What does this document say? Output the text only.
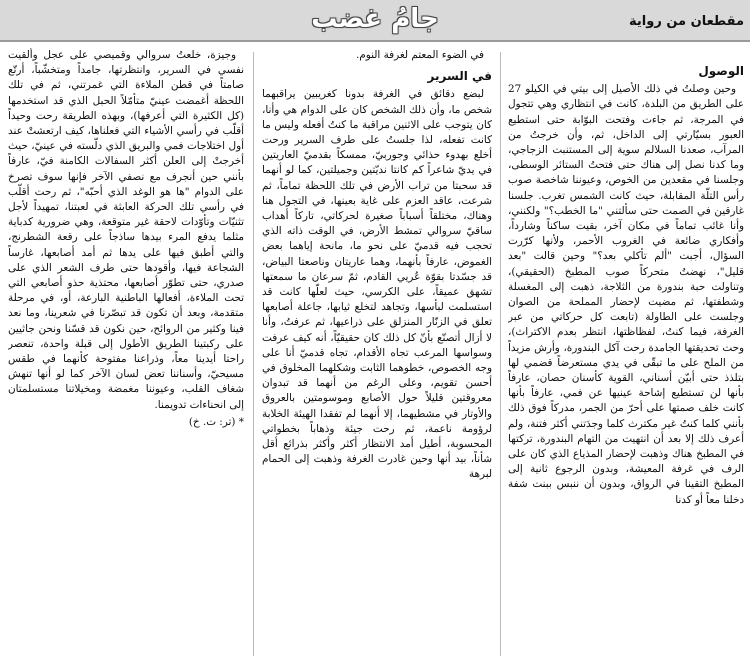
مقطعان من رواية
جامُ غضب
الوصول

وحين وصلتُ في ذلك الأصيل إلى بيتي في الكيلو 27 على الطريق من البلدة، كانت في انتظاري وهي تتجول في المرجة، ثم جاءت وفتحت البوّابة حتى استطيع العبور بسيّارتي إلى الداخل، ثم، وأن خرجتُ من المرآب، صعدنا السلالم سوية إلى المستنبت الزجاجي، وما كدنا نصل إلى هناك حتى فتحتُ الستائر الوسطى، وجلسنا في مقعدين من الخوص، وعيوننا شاخصة صوب رأس التلّة المقابلة، حيث كانت الشمس تغرب. جلسنا غارقين في الصمت حتى سألتني "ما الخطب؟" ولكنني، وأنا غائب تماماً في مكان آخر، بقيت ساكناً وشارداً، وأفكاري ضائعة في الغروب الأحمر، ولأنها كرّرت السؤال، أجبت "ألم تأكلي بعد؟" وحين قالت "بعد قليل"، نهضتُ متحركاً صوب المطبخ (الحقيقي)، وتناولت حبة بندورة من الثلاجة، ذهبت إلى المغسلة وشطفتها، ثم مضيت لإحضار المملحة من الصوان وجلست على الطاولة (تابعت كل حركاتي من عبر الغرفة، فيما كنتُ، لفظاظتها، انتظر بعدم الاكتراث)، وحت تحديقتها الجامدة رحت آكل البندورة، وأرش مزيداً من الملح على ما تبقّى في يدي مستعرضاً قضمي لها بتلذذ حتى أبيّن أسناني، القوية كأسنان حصان، عارفاً بأنها لن تستطيع إشاحة عينيها عن فمي، عارفاً بأنها كانت خلف صمتها على أحرّ من الجمر، مدركاً فوق ذلك بأنني كلما كنتُ غير مكترث كلما وجدَتني أكثر فتنة، ولم أعرف ذلك إلا بعد أن انتهيت من التهام البندورة، تركتها في المطبخ هناك وذهبت لإحضار المذياع الذي كان على الرف في غرفة المعيشة، وبدون الرجوع ثانية إلى المطبخ التقينا في الرواق، وبدون أن ننبس ببنت شفة دخلنا معاً أو كدنا

في الضوء المعتم لغرفة النوم.

في السرير

لبضع دقائق في الغرفة بدونا كغريبين يراقبهما شخص ما، وأن ذلك الشخص كان على الدوام هي وأنا، كان يتوجب على الاثنين مراقبة ما كنتُ أفعله وليس ما كانت تفعله، لذا جلستُ على طرف السرير ورحت أخلع بهدوء حذائي وجوربيّ، ممسكاً بقدميّ العاريتين في يديّ شاعراً كم كانتا نديّتين وجميلتين، كما لو أنهما قد سحبتا من تراب الأرض في تلك اللحظة تماماً، ثم شرعت، عاقد العزم على غاية بعينها، في التجول هنا وهناك، مختلقاً أسباباً صغيرة لحركاتي، تاركاً أهداب ساقيّ سروالي تمشط الأرض، في الوقت ذاته الذي تحجب فيه قدميّ على نحو ما، مانحة إياهما بعض الغموض، عارفاً بأنهما، وهما عاريتان وناصعتا البياض، قد جسّدتا بقوّة عُريي القادم، ثمّ سرعان ما سمعتها تشهق عميقاً، على الكرسي، حيث لعلّها كانت قد استسلمت لبأسها، وتجاهد لتخلع ثيابها، جاعلة أصابعها تعلق في الزنّار المنزلق على ذراعيها، ثم عرفتُ، وأنا لا أزال أتصنّع بأنّ كل ذلك كان حقيقيّاً، أنه كيف عرفت وسواسها المرعب تجاه الأقدام، تجاه قدميّ أنا على وجه الخصوص، خطوهما الثابت وشكلهما المخلوق في أحسن تقويم، وعلى الرغم من أنهما قد تبدوان معروقتين قليلاً حول الأصابع وموسومتين بالعروق والأوتار في مشطيهما، إلا أنهما لم تفقدا الهيئة الخلابة لرؤومة ناعمة، ثم رحت جيئة وذهاباً بخطواتي المحسوبة، أطيل أمد الانتظار أكثر وأكثر بذرائع أقل شأناً، بيد أنها وحين غادرت الغرفة وذهبت إلى الحمام لبرهة

وجيزة، خلعتُ سروالي وقميصي على عجل وألقيت نفسي في السرير، وانتظرتها، جامداً ومتخشّباً، أرتّع صامتاً في قطن الملاءة التي غمرتني، ثم في تلك اللحظة أغمضت عينيّ متأمّلاً الحبل الذي قد استخدمها (كل الكثيرة التي أعرفها)، وبهذه الطريقة رحت وحيداً أقلّب في رأسي الأشياء التي فعلناها، كيف ارتعشتْ عند أول اختلاجات فمي والبريق الذي دلّسته في عينيّ، حيث أخرجتْ إلى العلن أكثر السفالات الكامنة فيّ، عارفاً بأنني حين أنجرف مع نصفي الآخر فإنها سوف تصرخ على الدوام "ها هو الوغد الذي أحبّه"، ثم رحت أقلّب في رأسي تلك الحركة العابثة في لعبتنا، تمهيداً لأجل تثنيّات وتأوّدات لاحقة غير متوقعة، وهي ضرورية كدباية مثلما يدفع المرء بيدها ساذجاً على رقعة الشطرنج، والتي أطبق فيها على يدها ثم أمد أصابعها، غارساً الشجاعة فيها، وأقودها حتى طرف الشعر الذي على صدري، حتى تطوّر أصابعها، محتذية حذو أصابعي التي تحت الملاءة، أفعالها الباطنية البارعة، أو، في مرحلة متقدمة، وبعد أن تكون قد تبصّرنا في شعرينا، وما نعد فينا وكثير من الروائح، حين نكون قد قسّنا ونحن جاثيين على ركبتينا الطريق الأطول إلى قبلة واحدة، تنعصر راحتا أيدينا معاً، وذراعنا مفتوحة كأنهما في طقس مسيحيّ، وأسناننا تعض لسان الآخر كما لو أنها تنهش شغاف القلب، وعيوننا مغمضة ومخيلاتنا مستسلمتان إلى انحناءات تدويمنا.

* (تر: ت. خ)
